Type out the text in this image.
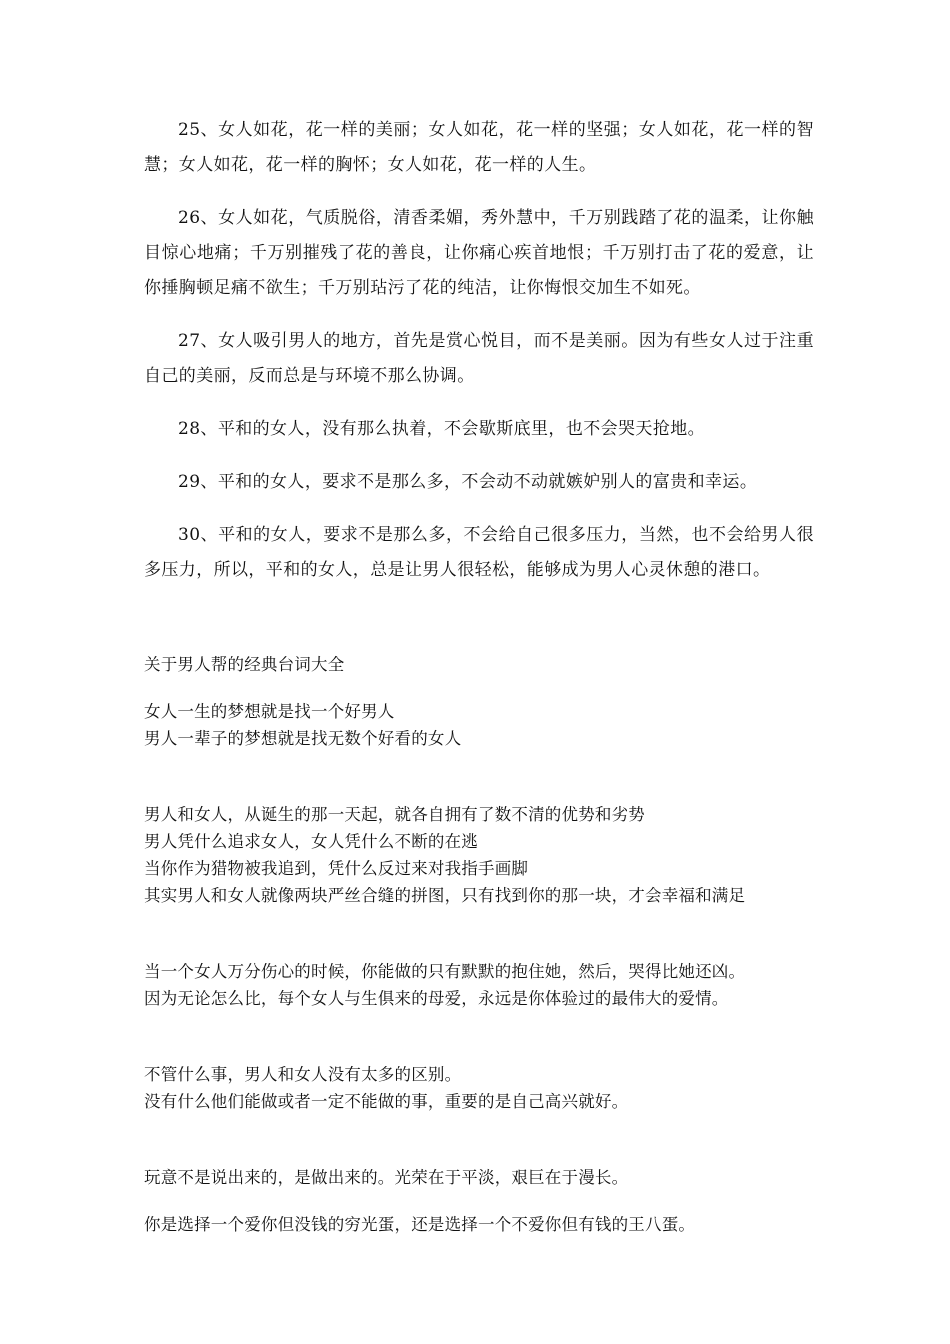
25、女人如花，花一样的美丽；女人如花，花一样的坚强；女人如花，花一样的智慧；女人如花，花一样的胸怀；女人如花，花一样的人生。

26、女人如花，气质脱俗，清香柔媚，秀外慧中，千万别践踏了花的温柔，让你触目惊心地痛；千万别摧残了花的善良，让你痛心疾首地恨；千万别打击了花的爱意，让你捶胸顿足痛不欲生；千万别玷污了花的纯洁，让你悔恨交加生不如死。

27、女人吸引男人的地方，首先是赏心悦目，而不是美丽。因为有些女人过于注重自己的美丽，反而总是与环境不那么协调。

28、平和的女人，没有那么执着，不会歇斯底里，也不会哭天抢地。

29、平和的女人，要求不是那么多，不会动不动就嫉妒别人的富贵和幸运。

30、平和的女人，要求不是那么多，不会给自己很多压力，当然，也不会给男人很多压力，所以，平和的女人，总是让男人很轻松，能够成为男人心灵休憩的港口。

关于男人帮的经典台词大全

女人一生的梦想就是找一个好男人

男人一辈子的梦想就是找无数个好看的女人

男人和女人，从诞生的那一天起，就各自拥有了数不清的优势和劣势

男人凭什么追求女人，女人凭什么不断的在逃

当你作为猎物被我追到，凭什么反过来对我指手画脚

其实男人和女人就像两块严丝合缝的拼图，只有找到你的那一块，才会幸福和满足

当一个女人万分伤心的时候，你能做的只有默默的抱住她，然后，哭得比她还凶。

因为无论怎么比，每个女人与生俱来的母爱，永远是你体验过的最伟大的爱情。

不管什么事，男人和女人没有太多的区别。

没有什么他们能做或者一定不能做的事，重要的是自己高兴就好。

玩意不是说出来的，是做出来的。光荣在于平淡，艰巨在于漫长。

你是选择一个爱你但没钱的穷光蛋，还是选择一个不爱你但有钱的王八蛋。
